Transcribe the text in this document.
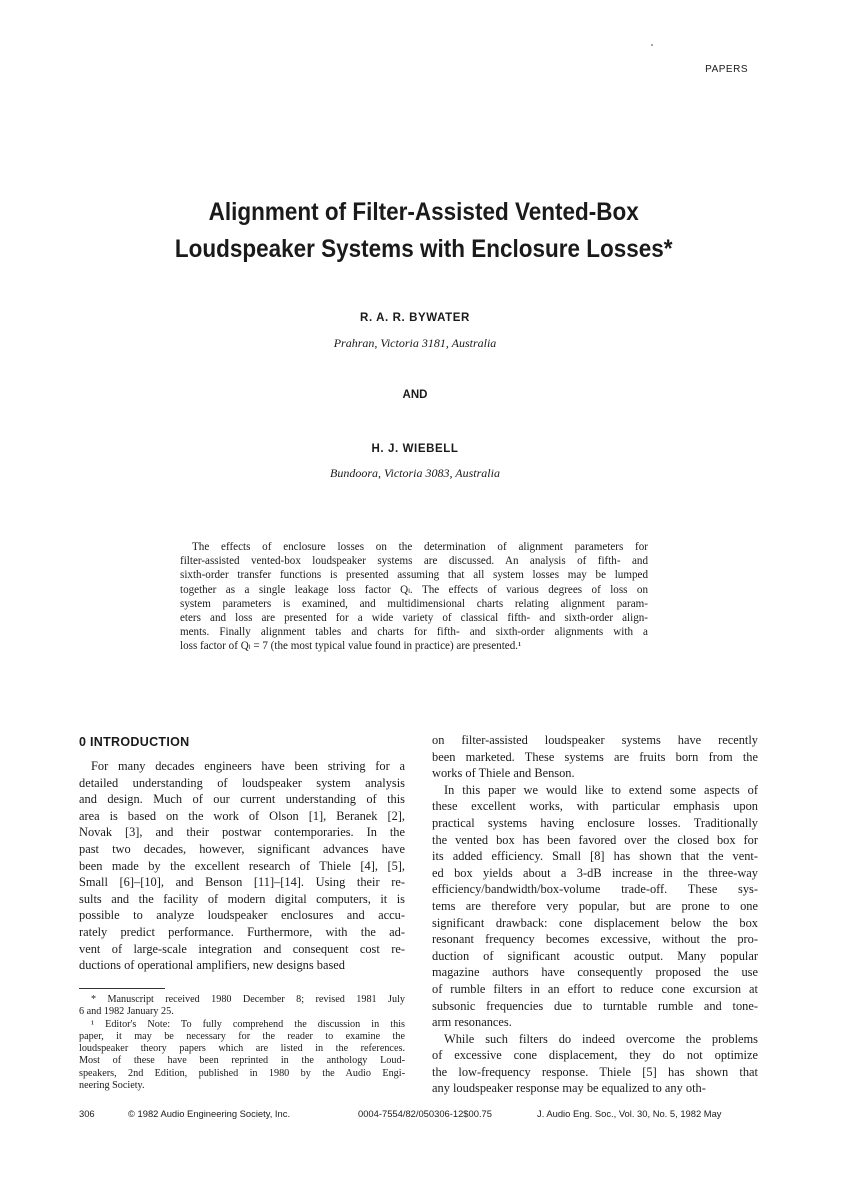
PAPERS
Alignment of Filter-Assisted Vented-Box
Loudspeaker Systems with Enclosure Losses*
R. A. R. BYWATER
Prahran, Victoria 3181, Australia
AND
H. J. WIEBELL
Bundoora, Victoria 3083, Australia
The effects of enclosure losses on the determination of alignment parameters for
filter-assisted vented-box loudspeaker systems are discussed. An analysis of fifth- and
sixth-order transfer functions is presented assuming that all system losses may be lumped
together as a single leakage loss factor Qₗ. The effects of various degrees of loss on
system parameters is examined, and multidimensional charts relating alignment param-
eters and loss are presented for a wide variety of classical fifth- and sixth-order align-
ments. Finally alignment tables and charts for fifth- and sixth-order alignments with a
loss factor of Qₗ = 7 (the most typical value found in practice) are presented.¹
0 INTRODUCTION
For many decades engineers have been striving for a
detailed understanding of loudspeaker system analysis
and design. Much of our current understanding of this
area is based on the work of Olson [1], Beranek [2],
Novak [3], and their postwar contemporaries. In the
past two decades, however, significant advances have
been made by the excellent research of Thiele [4], [5],
Small [6]–[10], and Benson [11]–[14]. Using their re-
sults and the facility of modern digital computers, it is
possible to analyze loudspeaker enclosures and accu-
rately predict performance. Furthermore, with the ad-
vent of large-scale integration and consequent cost re-
ductions of operational amplifiers, new designs based
on filter-assisted loudspeaker systems have recently
been marketed. These systems are fruits born from the
works of Thiele and Benson.
In this paper we would like to extend some aspects of
these excellent works, with particular emphasis upon
practical systems having enclosure losses. Traditionally
the vented box has been favored over the closed box for
its added efficiency. Small [8] has shown that the vent-
ed box yields about a 3-dB increase in the three-way
efficiency/bandwidth/box-volume trade-off. These sys-
tems are therefore very popular, but are prone to one
significant drawback: cone displacement below the box
resonant frequency becomes excessive, without the pro-
duction of significant acoustic output. Many popular
magazine authors have consequently proposed the use
of rumble filters in an effort to reduce cone excursion at
subsonic frequencies due to turntable rumble and tone-
arm resonances.
While such filters do indeed overcome the problems
of excessive cone displacement, they do not optimize
the low-frequency response. Thiele [5] has shown that
any loudspeaker response may be equalized to any oth-
* Manuscript received 1980 December 8; revised 1981 July
6 and 1982 January 25.
¹ Editor's Note: To fully comprehend the discussion in this
paper, it may be necessary for the reader to examine the
loudspeaker theory papers which are listed in the references.
Most of these have been reprinted in the anthology Loud-
speakers, 2nd Edition, published in 1980 by the Audio Engi-
neering Society.
306	© 1982 Audio Engineering Society, Inc.	0004-7554/82/050306-12$00.75	J. Audio Eng. Soc., Vol. 30, No. 5, 1982 May
